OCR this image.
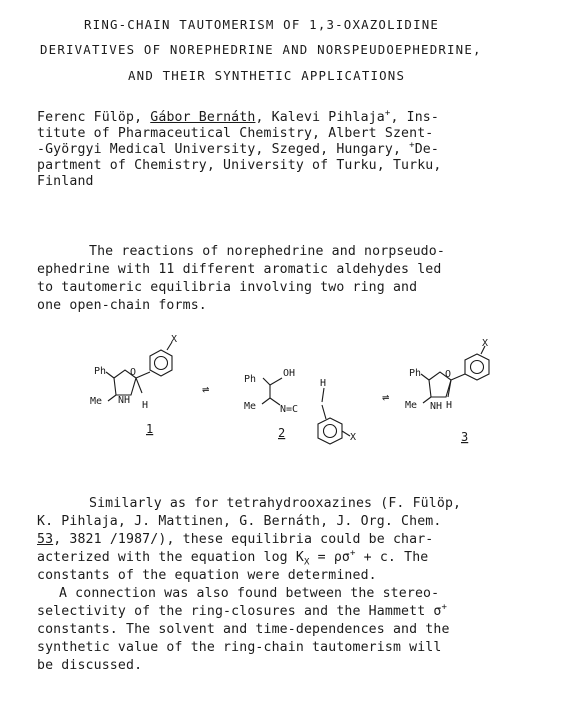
RING-CHAIN TAUTOMERISM OF 1,3-OXAZOLIDINE
DERIVATIVES OF NOREPHEDRINE AND NORSPEUDOEPHEDRINE,
AND THEIR SYNTHETIC APPLICATIONS
Ferenc Fülöp, Gábor Bernáth, Kalevi Pihlaja+, Ins-
titute of Pharmaceutical Chemistry, Albert Szent-
-Györgyi Medical University, Szeged, Hungary, +De-
partment of Chemistry, University of Turku, Turku,
Finland
The reactions of norephedrine and norpseudo-
ephedrine with 11 different aromatic aldehydes led
to tautomeric equilibria involving two ring and
one open-chain forms.
Ph
Me
O
NH H
X
1
⇌
Ph
OH
Me N=C
H
X
2
⇌
Ph
Me
O
NH H
X
3
Similarly as for tetrahydrooxazines (F. Fülöp,
K. Pihlaja, J. Mattinen, G. Bernáth, J. Org. Chem.
53, 3821 /1987/), these equilibria could be char-
acterized with the equation $\log K_X = \rho\sigma^+ + c$. The
constants of the equation were determined.
A connection was also found between the stereo-
selectivity of the ring-closures and the Hammett σ+
constants. The solvent and time-dependences and the
synthetic value of the ring-chain tautomerism will
be discussed.
